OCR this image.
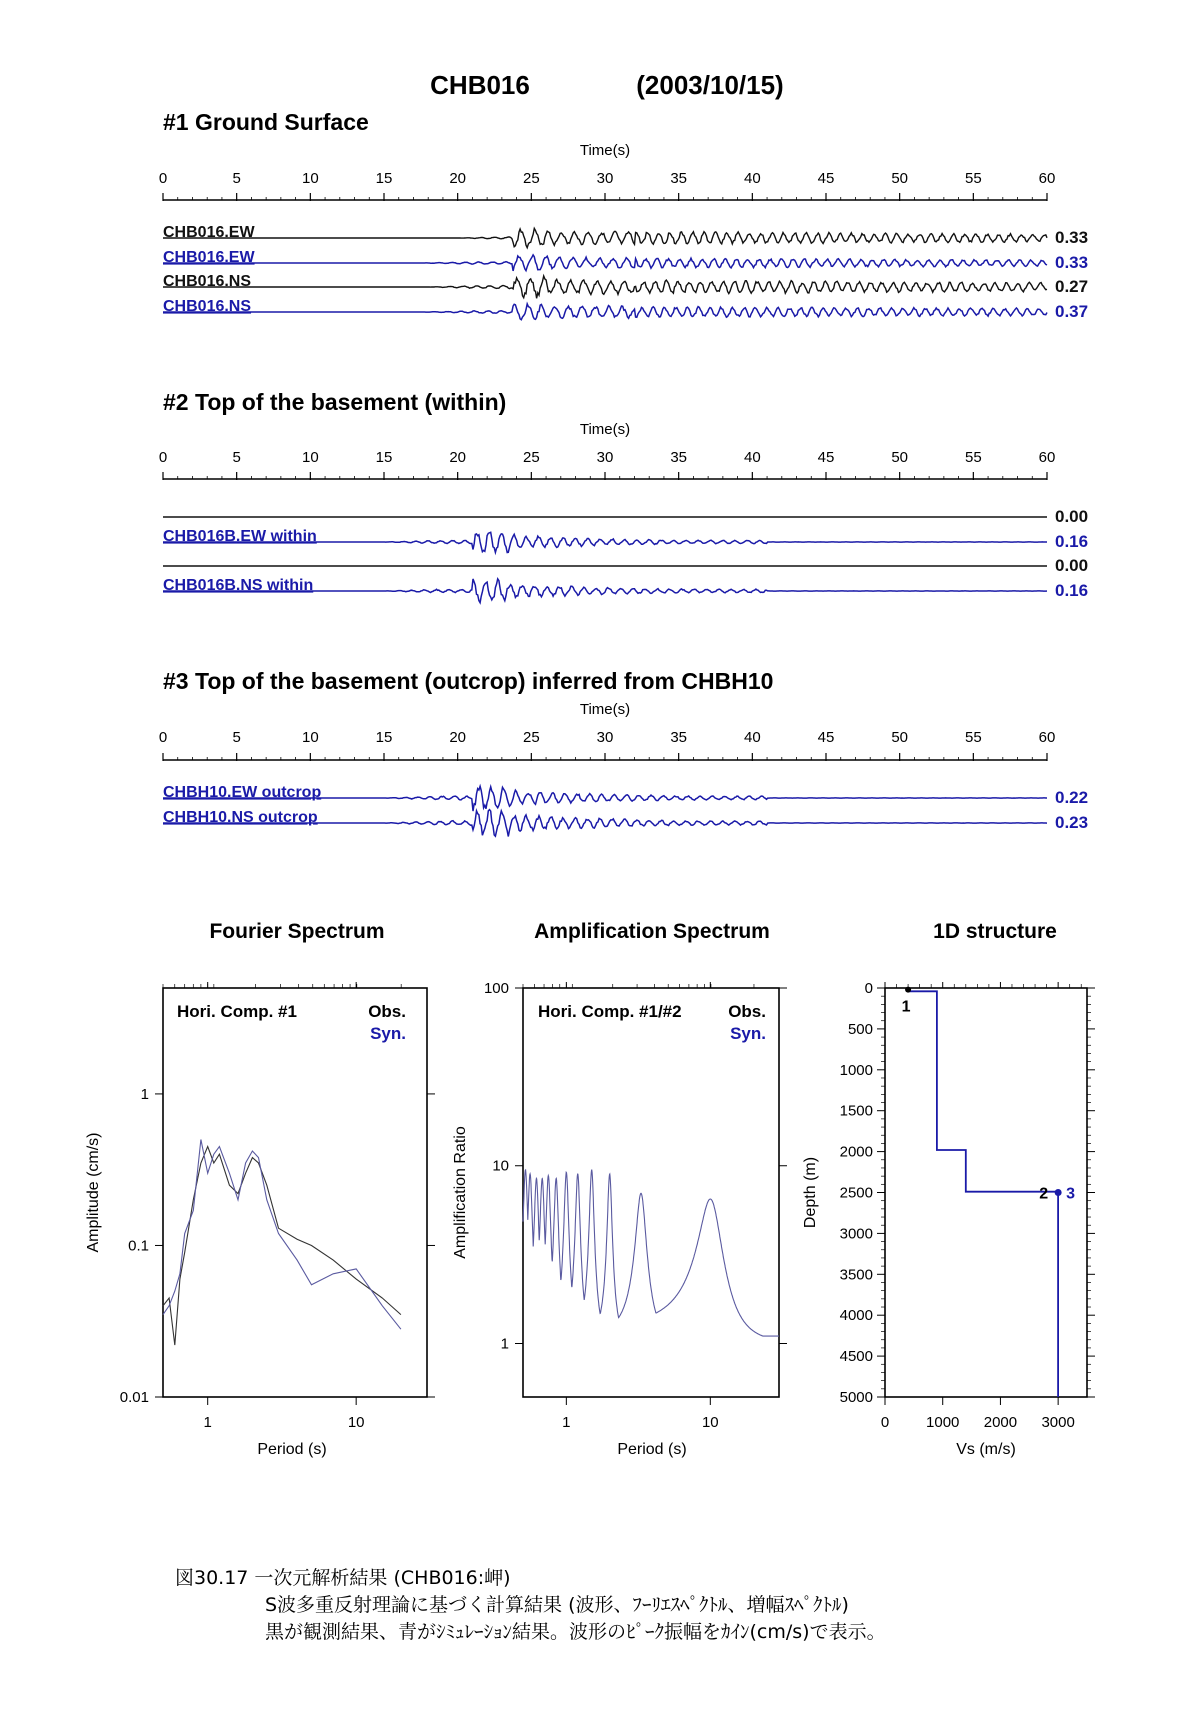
CHB016	(2003/10/15)
#1 Ground Surface
Time(s)
0	5	10	15	20	25	30	35	40	45	50	55	60
CHB016.EW	0.33
CHB016.EW	0.33
CHB016.NS	0.27
CHB016.NS	0.37
#2 Top of the basement (within)
Time(s)
0	5	10	15	20	25	30	35	40	45	50	55	60
0.00
CHB016B.EW within	0.16
0.00
CHB016B.NS within	0.16
#3 Top of the basement (outcrop) inferred from CHBH10
Time(s)
0	5	10	15	20	25	30	35	40	45	50	55	60
CHBH10.EW outcrop	0.22
CHBH10.NS outcrop	0.23
Fourier Spectrum	Amplification Spectrum	1D structure
0.01
0.1
1
1	10
Period (s)
Amplitude (cm/s)
Hori. Comp. #1	Obs.
Syn.
1
10
100
1	10
Period (s)
Amplification Ratio
Hori. Comp. #1/#2	Obs.
Syn.
0
500
1000
1500
2000
2500
3000
3500
4000
4500
5000
0 1000 2000 3000
Vs (m/s)
Depth (m)
1
2 3
図30.17 一次元解析結果 (CHB016:岬)
S波多重反射理論に基づく計算結果 (波形、ﾌｰﾘｴｽﾍﾟｸﾄﾙ、増幅ｽﾍﾟｸﾄﾙ)
黒が観測結果、青がｼﾐｭﾚｰｼｮﾝ結果。波形のﾋﾟｰｸ振幅をｶｲﾝ(cm/s)で表示。
